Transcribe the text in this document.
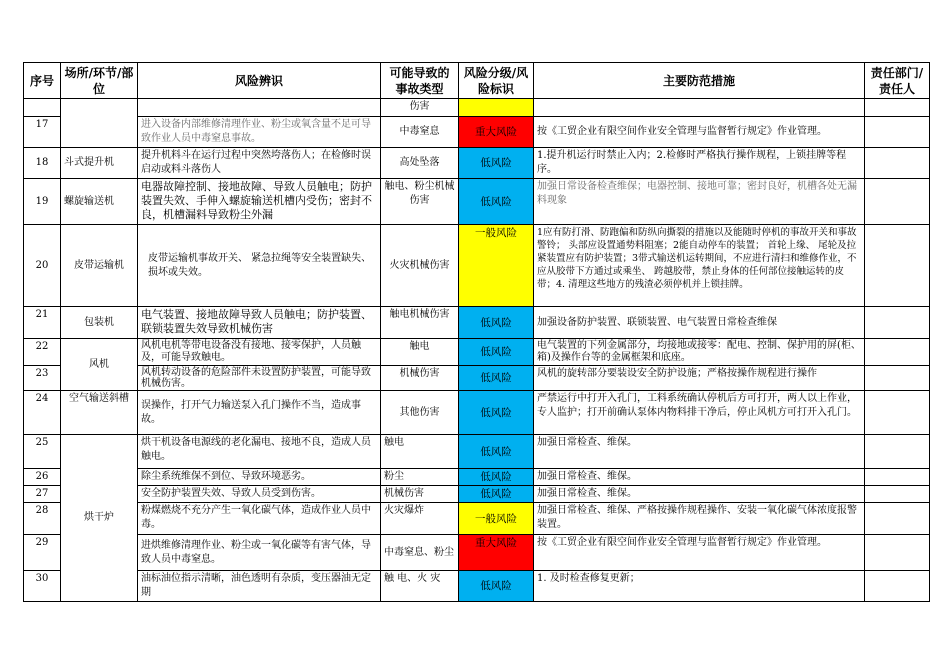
序号	场所/环节/部位	风险辨识	可能导致的事故类型	风险分级/风险标识	主要防范措施	责任部门/责任人
			伤害			
17		进入设备内部维修清理作业、粉尘或氧含量不足可导致作业人员中毒窒息事故。	中毒窒息	重大风险	按《工贸企业有限空间作业安全管理与监督暂行规定》作业管理。	
18	斗式提升机	提升机料斗在运行过程中突然垮落伤人；在检修时误启动或料斗落伤人	高处坠落	低风险	1.提升机运行时禁止入内；2.检修时严格执行操作规程，上锁挂牌等程序。	
19	螺旋输送机	电器故障控制、接地故障、导致人员触电；防护装置失效、手伸入螺旋输送机槽内受伤；密封不良，机槽漏料导致粉尘外漏	触电、粉尘机械伤害	低风险	加强日常设备检查维保；电器控制、接地可靠；密封良好，机槽各处无漏料现象	
20	皮带运输机	皮带运输机事故开关、 紧急拉绳等安全装置缺失、 损坏或失效。	火灾机械伤害	一般风险	1应有防打滑、防跑偏和防纵向撕裂的措施以及能随时停机的事故开关和事故警铃； 头部应设置通势料阻塞；2能自动停车的装置； 首轮上缘、 尾轮及拉紧装置应有防护装置；3带式输送机运转期间，不应进行清扫和维修作业，不应从胶带下方通过或乘坐、 跨越胶带，禁止身体的任何部位接触运转的皮带；4. 清理这些地方的残渣必须停机并上锁挂牌。	
21	包装机	电气装置、接地故障导致人员触电；防护装置、联锁装置失效导致机械伤害	触电机械伤害	低风险	加强设备防护装置、联锁装置、电气装置日常检查维保	
22	风机	风机电机等带电设备没有接地、接零保护，人员触及，可能导致触电。	触电	低风险	电气装置的下列金属部分，均接地或接零：配电、控制、保护用的屏(柜、箱)及操作台等的金属框架和底座。	
23		风机转动设备的危险部件未设置防护装置，可能导致机械伤害。	机械伤害	低风险	风机的旋转部分要装设安全防护设施；严格按操作规程进行操作	
24	空气输送斜槽	误操作，打开气力输送泵入孔门操作不当，造成事故。	其他伤害	低风险	严禁运行中打开入孔门，工料系统确认停机后方可打开，两人以上作业，专人监护；打开前确认泵体内物料排干净后，停止风机方可打开入孔门。	
25	烘干炉	烘干机设备电源线的老化漏电、接地不良，造成人员触电。	触电	低风险	加强日常检查、维保。	
26		除尘系统维保不到位、导致环境恶劣。	粉尘	低风险	加强日常检查、维保。	
27		安全防护装置失效、导致人员受到伤害。	机械伤害	低风险	加强日常检查、维保。	
28		粉煤燃烧不充分产生一氧化碳气体，造成作业人员中毒。	火灾爆炸	一般风险	加强日常检查、维保、严格按操作规程操作、安装一氧化碳气体浓度报警装置。	
29		进烘维修清理作业、粉尘或一氧化碳等有害气体，导致人员中毒窒息。	中毒窒息、粉尘	重大风险	按《工贸企业有限空间作业安全管理与监督暂行规定》作业管理。	
30		油标油位指示清晰，油色透明有杂质，变压器油无定期	触 电、火 灾	低风险	1. 及时检查修复更新；	
